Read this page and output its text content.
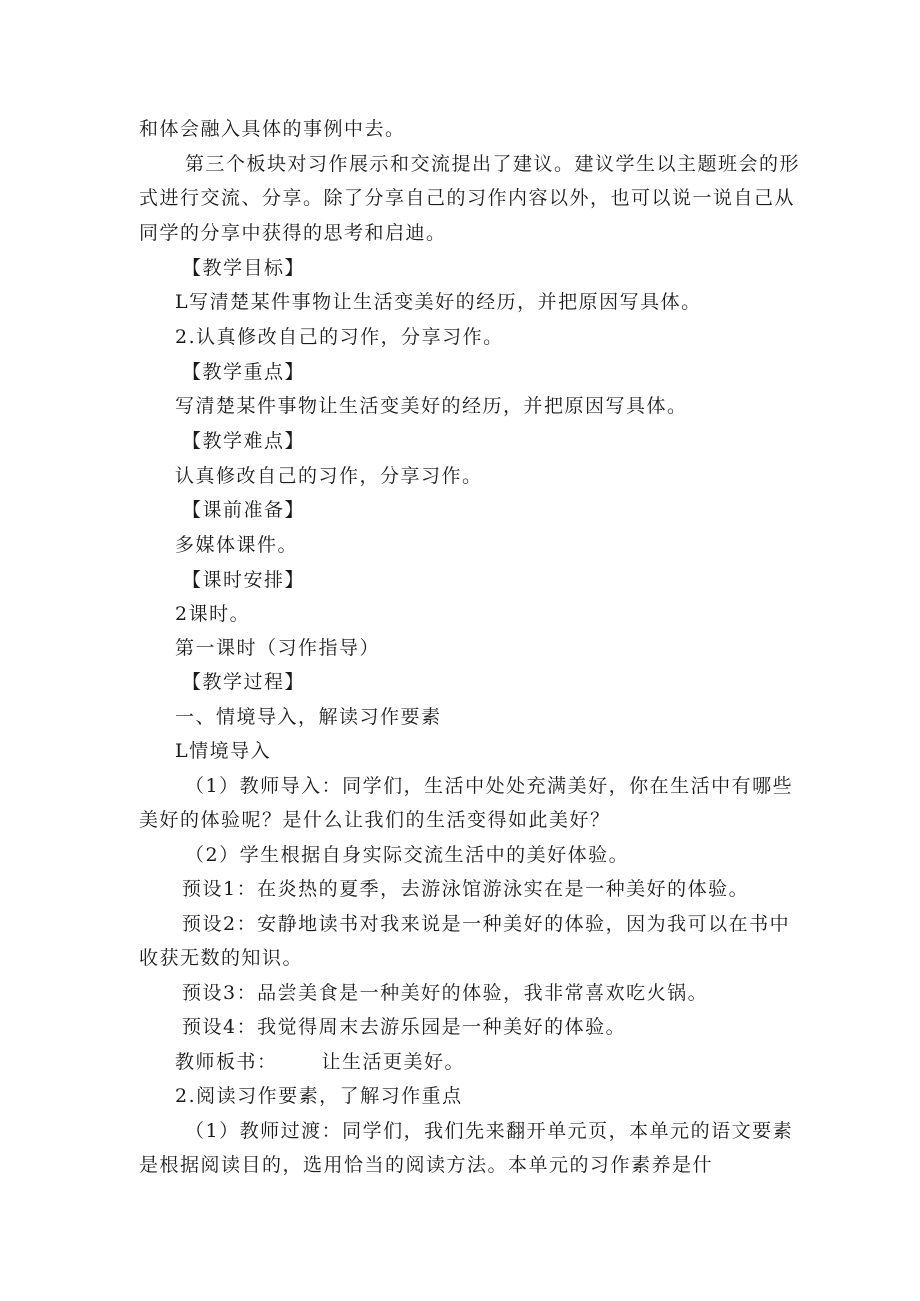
和体会融入具体的事例中去。
第三个板块对习作展示和交流提出了建议。建议学生以主题班会的形
式进行交流、分享。除了分享自己的习作内容以外，也可以说一说自己从
同学的分享中获得的思考和启迪。
【教学目标】
L写清楚某件事物让生活变美好的经历，并把原因写具体。
2.认真修改自己的习作，分享习作。
【教学重点】
写清楚某件事物让生活变美好的经历，并把原因写具体。
【教学难点】
认真修改自己的习作，分享习作。
【课前准备】
多媒体课件。
【课时安排】
2课时。
第一课时（习作指导）
【教学过程】
一、情境导入，解读习作要素
L情境导入
（1）教师导入：同学们，生活中处处充满美好，你在生活中有哪些
美好的体验呢？是什么让我们的生活变得如此美好？
（2）学生根据自身实际交流生活中的美好体验。
预设1：在炎热的夏季，去游泳馆游泳实在是一种美好的体验。
预设2：安静地读书对我来说是一种美好的体验，因为我可以在书中
收获无数的知识。
预设3：品尝美食是一种美好的体验，我非常喜欢吃火锅。
预设4：我觉得周末去游乐园是一种美好的体验。
教师板书： 让生活更美好。
2.阅读习作要素，了解习作重点
（1）教师过渡：同学们，我们先来翻开单元页，本单元的语文要素
是根据阅读目的，选用恰当的阅读方法。本单元的习作素养是什
